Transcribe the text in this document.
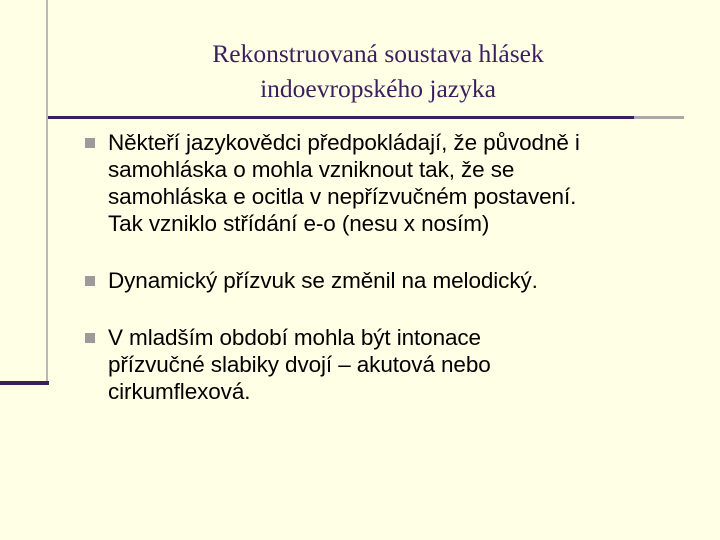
Rekonstruovaná soustava hlásek
indoevropského jazyka
Někteří jazykovědci předpokládají, že původně i
samohláska o mohla vzniknout tak, že se
samohláska e ocitla v nepřízvučném postavení.
Tak vzniklo střídání e-o (nesu x nosím)
Dynamický přízvuk se změnil na melodický.
V mladším období mohla být intonace
přízvučné slabiky dvojí – akutová nebo
cirkumflexová.
